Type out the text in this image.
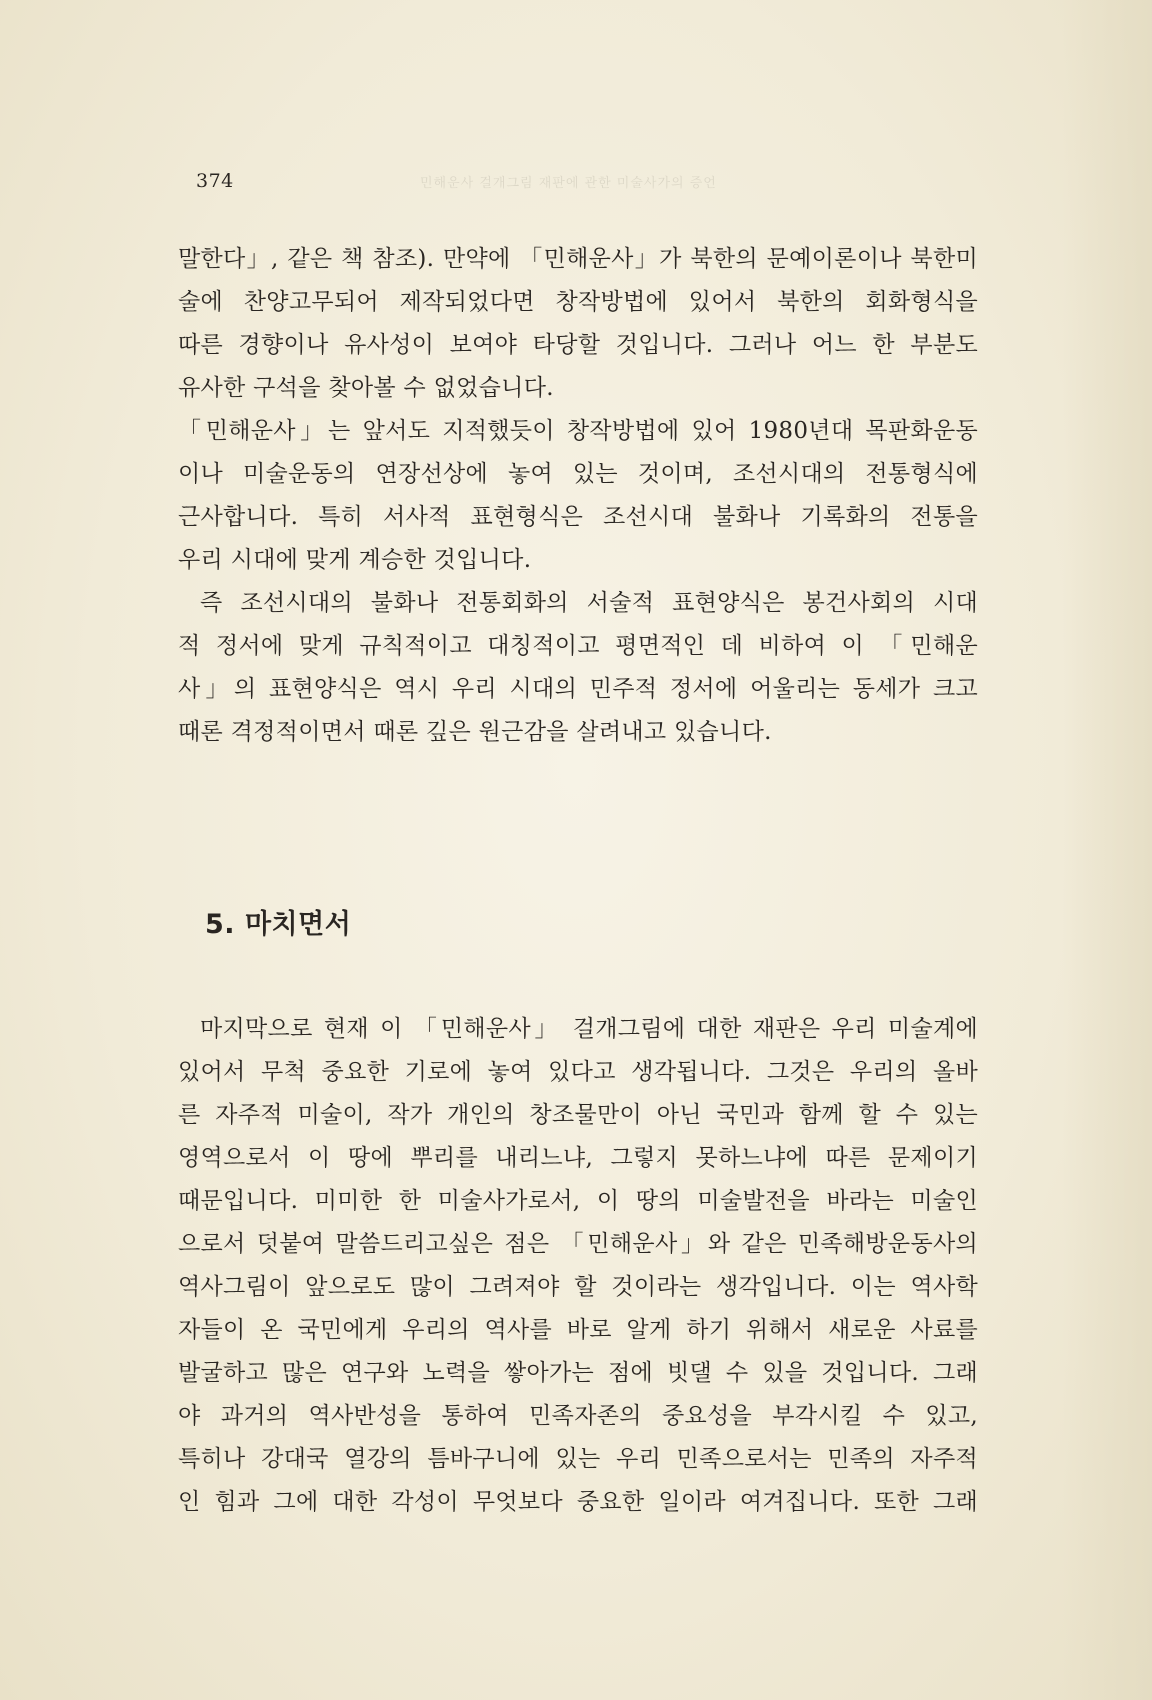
374	민해운사 걸개그림 재판에 관한 미술사가의 증언
말한다」, 같은 책 참조). 만약에 「민해운사」가 북한의 문예이론이나 북한미
술에 찬양고무되어 제작되었다면 창작방법에 있어서 북한의 회화형식을
따른 경향이나 유사성이 보여야 타당할 것입니다. 그러나 어느 한 부분도
유사한 구석을 찾아볼 수 없었습니다.
「민해운사」는 앞서도 지적했듯이 창작방법에 있어 1980년대 목판화운동
이나 미술운동의 연장선상에 놓여 있는 것이며, 조선시대의 전통형식에
근사합니다. 특히 서사적 표현형식은 조선시대 불화나 기록화의 전통을
우리 시대에 맞게 계승한 것입니다.
즉 조선시대의 불화나 전통회화의 서술적 표현양식은 봉건사회의 시대
적 정서에 맞게 규칙적이고 대칭적이고 평면적인 데 비하여 이 「민해운
사」의 표현양식은 역시 우리 시대의 민주적 정서에 어울리는 동세가 크고
때론 격정적이면서 때론 깊은 원근감을 살려내고 있습니다.
5. 마치면서
마지막으로 현재 이 「민해운사」 걸개그림에 대한 재판은 우리 미술계에
있어서 무척 중요한 기로에 놓여 있다고 생각됩니다. 그것은 우리의 올바
른 자주적 미술이, 작가 개인의 창조물만이 아닌 국민과 함께 할 수 있는
영역으로서 이 땅에 뿌리를 내리느냐, 그렇지 못하느냐에 따른 문제이기
때문입니다. 미미한 한 미술사가로서, 이 땅의 미술발전을 바라는 미술인
으로서 덧붙여 말씀드리고싶은 점은 「민해운사」와 같은 민족해방운동사의
역사그림이 앞으로도 많이 그려져야 할 것이라는 생각입니다. 이는 역사학
자들이 온 국민에게 우리의 역사를 바로 알게 하기 위해서 새로운 사료를
발굴하고 많은 연구와 노력을 쌓아가는 점에 빗댈 수 있을 것입니다. 그래
야 과거의 역사반성을 통하여 민족자존의 중요성을 부각시킬 수 있고,
특히나 강대국 열강의 틈바구니에 있는 우리 민족으로서는 민족의 자주적
인 힘과 그에 대한 각성이 무엇보다 중요한 일이라 여겨집니다. 또한 그래
